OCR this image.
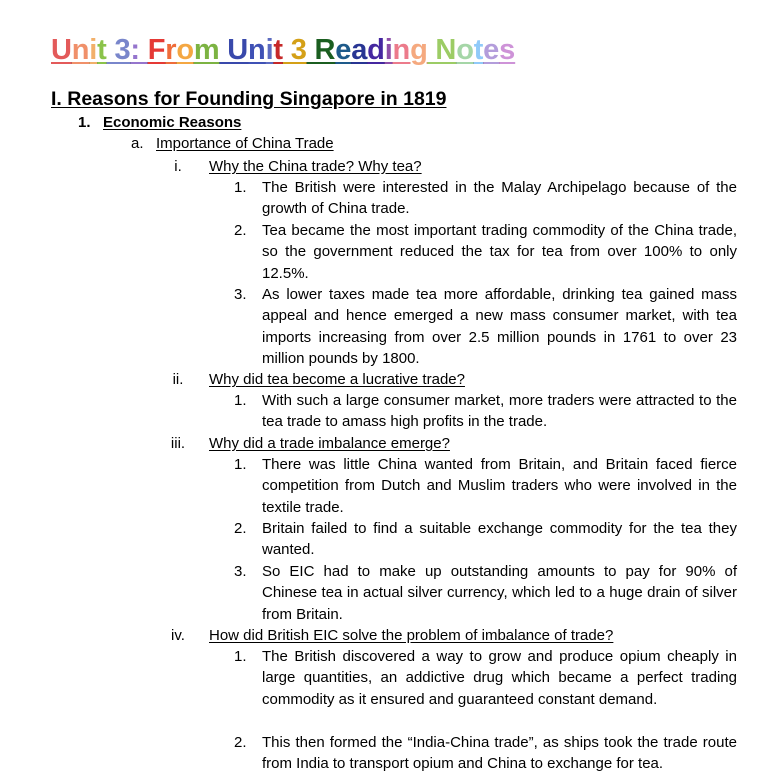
Unit 3: From Unit 3 Reading Notes
I. Reasons for Founding Singapore in 1819
1. Economic Reasons
a. Importance of China Trade
i. Why the China trade? Why tea?
1. The British were interested in the Malay Archipelago because of the growth of China trade.
2. Tea became the most important trading commodity of the China trade, so the government reduced the tax for tea from over 100% to only 12.5%.
3. As lower taxes made tea more affordable, drinking tea gained mass appeal and hence emerged a new mass consumer market, with tea imports increasing from over 2.5 million pounds in 1761 to over 23 million pounds by 1800.
ii. Why did tea become a lucrative trade?
1. With such a large consumer market, more traders were attracted to the tea trade to amass high profits in the trade.
iii. Why did a trade imbalance emerge?
1. There was little China wanted from Britain, and Britain faced fierce competition from Dutch and Muslim traders who were involved in the textile trade.
2. Britain failed to find a suitable exchange commodity for the tea they wanted.
3. So EIC had to make up outstanding amounts to pay for 90% of Chinese tea in actual silver currency, which led to a huge drain of silver from Britain.
iv. How did British EIC solve the problem of imbalance of trade?
1. The British discovered a way to grow and produce opium cheaply in large quantities, an addictive drug which became a perfect trading commodity as it ensured and guaranteed constant demand.
2. This then formed the “India-China trade”, as ships took the trade route from India to transport opium and China to exchange for tea.
